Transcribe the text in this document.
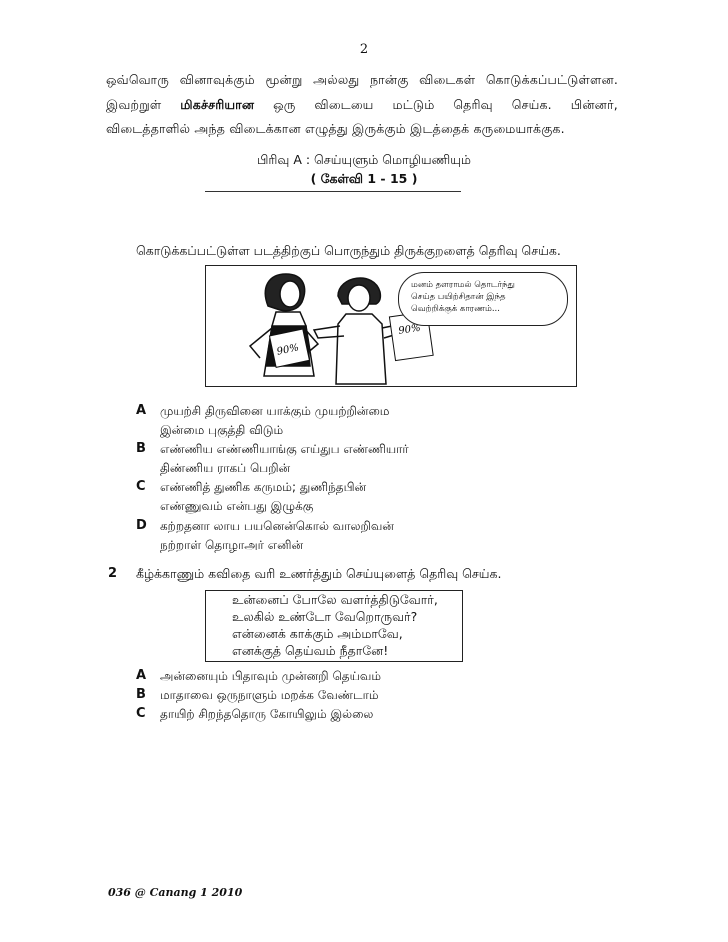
2
ஒவ்வொரு வினாவுக்கும் மூன்று அல்லது நான்கு விடைகள் கொடுக்கப்பட்டுள்ளன.
இவற்றுள் மிகச்சரியான ஒரு விடையை மட்டும் தெரிவு செய்க. பின்னர்,
விடைத்தாளில் அந்த விடைக்கான எழுத்து இருக்கும் இடத்தைக் கருமையாக்குக.
பிரிவு A : செய்யுளும் மொழியணியும்
( கேள்வி 1 - 15 )
கொடுக்கப்பட்டுள்ள படத்திற்குப் பொருந்தும் திருக்குறளைத் தெரிவு செய்க.
90%
90%
மனம் தளராமல் தொடர்ந்து
செய்த பயிற்சிதான் இந்த
வெற்றிக்குக் காரணம்...
A முயற்சி திருவினை யாக்கும் முயற்றின்மை
இன்மை புகுத்தி விடும்
B எண்ணிய எண்ணியாங்கு எய்துப எண்ணியார்
திண்ணிய ராகப் பெறின்
C எண்ணித் துணிக கருமம்; துணிந்தபின்
எண்ணுவம் என்பது இழுக்கு
D கற்றதனா லாய பயனென்கொல் வாலறிவன்
நற்றாள் தொழாஅர் எனின்
2 கீழ்க்காணும் கவிதை வரி உணர்த்தும் செய்யுளைத் தெரிவு செய்க.
உன்னைப் போலே வளர்த்திடுவோர்,
உலகில் உண்டோ வேறொருவர்?
என்னைக் காக்கும் அம்மாவே,
எனக்குத் தெய்வம் நீதானே!
A அன்னையும் பிதாவும் முன்னறி தெய்வம்
B மாதாவை ஒருநாளும் மறக்க வேண்டாம்
C தாயிற் சிறந்ததொரு கோயிலும் இல்லை
036 @ Canang 1 2010
